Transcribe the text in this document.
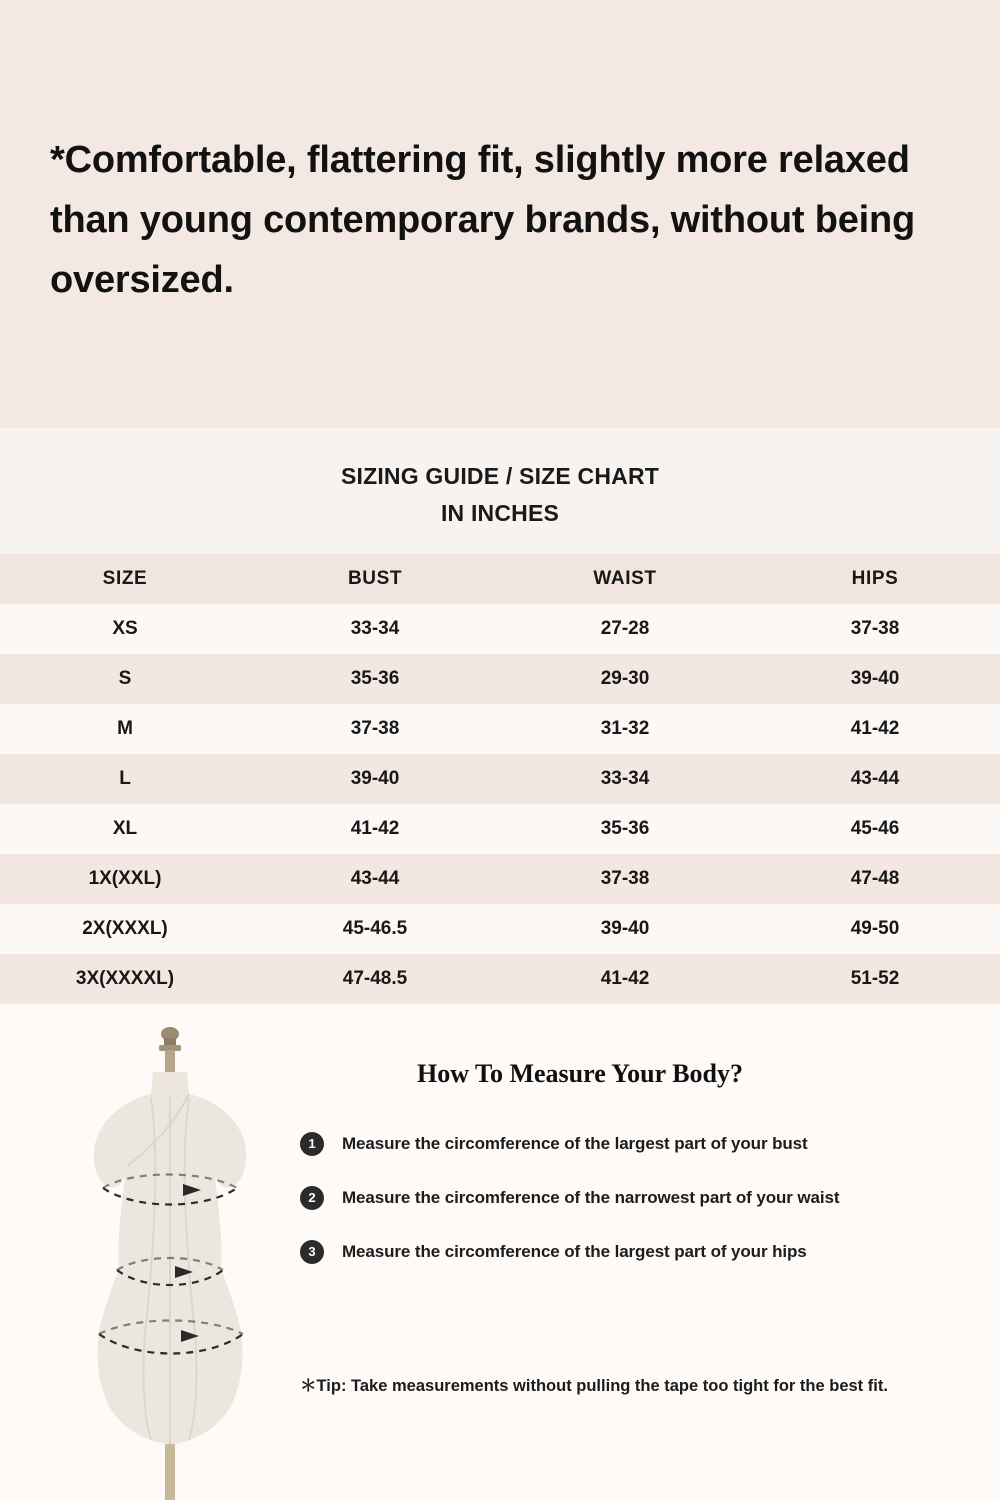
*Comfortable, flattering fit, slightly more relaxed than young contemporary brands, without being oversized.
SIZING GUIDE / SIZE CHART
IN INCHES
SIZE	BUST	WAIST	HIPS
XS	33-34	27-28	37-38
S	35-36	29-30	39-40
M	37-38	31-32	41-42
L	39-40	33-34	43-44
XL	41-42	35-36	45-46
1X(XXL)	43-44	37-38	47-48
2X(XXXL)	45-46.5	39-40	49-50
3X(XXXXL)	47-48.5	41-42	51-52
How To Measure Your Body?
1	Measure the circomference of the largest part of your bust
2	Measure the circomference of the narrowest part of your waist
3	Measure the circomference of the largest part of your hips
＊Tip: Take measurements without pulling the tape too tight for the best fit.
